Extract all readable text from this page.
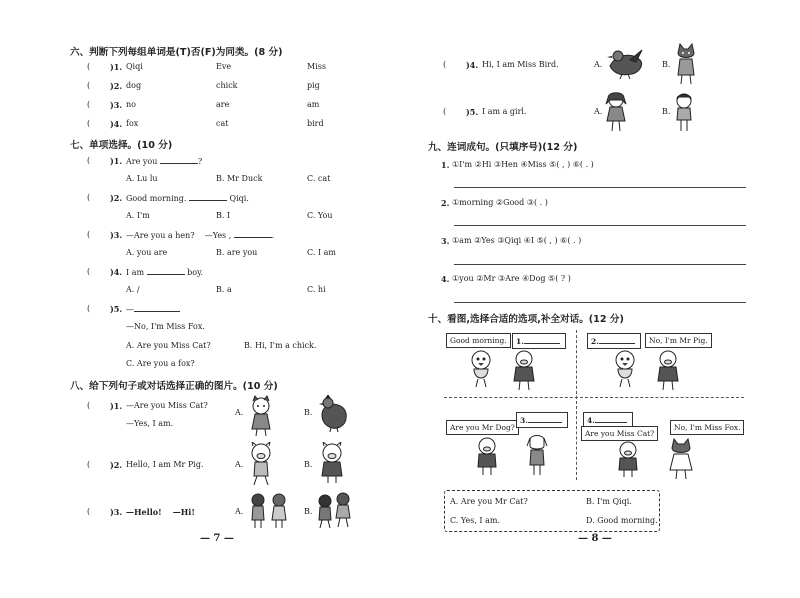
六、判断下列每组单词是(T)否(F)为同类。(8 分)
( )1. Qiqi	Eve	Miss
( )2. dog	chick	pig
( )3. no	are	am
( )4. fox	cat	bird
七、单项选择。(10 分)
( )1. Are you	?
A. Lu lu	B. Mr Duck	C. cat
( )2. Good morning.	Qiqi.
A. I'm	B. I	C. You
( )3. —Are you a hen? —Yes ,	.
A. you are	B. are you	C. I am
( )4. I am	boy.
A. /	B. a	C. hi
( )5. —
—No, I'm Miss Fox.
A. Are you Miss Cat?	B. Hi, I'm a chick.
C. Are you a fox?
八、给下列句子或对话选择正确的图片。(10 分)
( )1. —Are you Miss Cat?
—Yes, I am.
A.	B.
( )2. Hello, I am Mr Pig.	A.	B.
( )3. —Hello! —Hi!	A.	B.
— 7 —
( )4. Hi, I am Miss Bird.	A.	B.
( )5. I am a girl.	A.	B.
九、连词成句。(只填序号)(12 分)
1. ①I'm ②Hi ③Hen ④Miss ⑤( , ) ⑥( . )
2. ①morning ②Good ③( . )
3. ①am ②Yes ③Qiqi ④I ⑤( , ) ⑥( . )
4. ①you ②Mr ③Are ④Dog ⑤( ? )
十、看图,选择合适的选项,补全对话。(12 分)
Good morning.	1.	2.	No, I'm Mr Pig.
Are you Mr Dog?
3.	4.
Are you Miss Cat?
No, I'm Miss Fox.
A. Are you Mr Cat?	B. I'm Qiqi.
C. Yes, I am.	D. Good morning.
— 8 —
